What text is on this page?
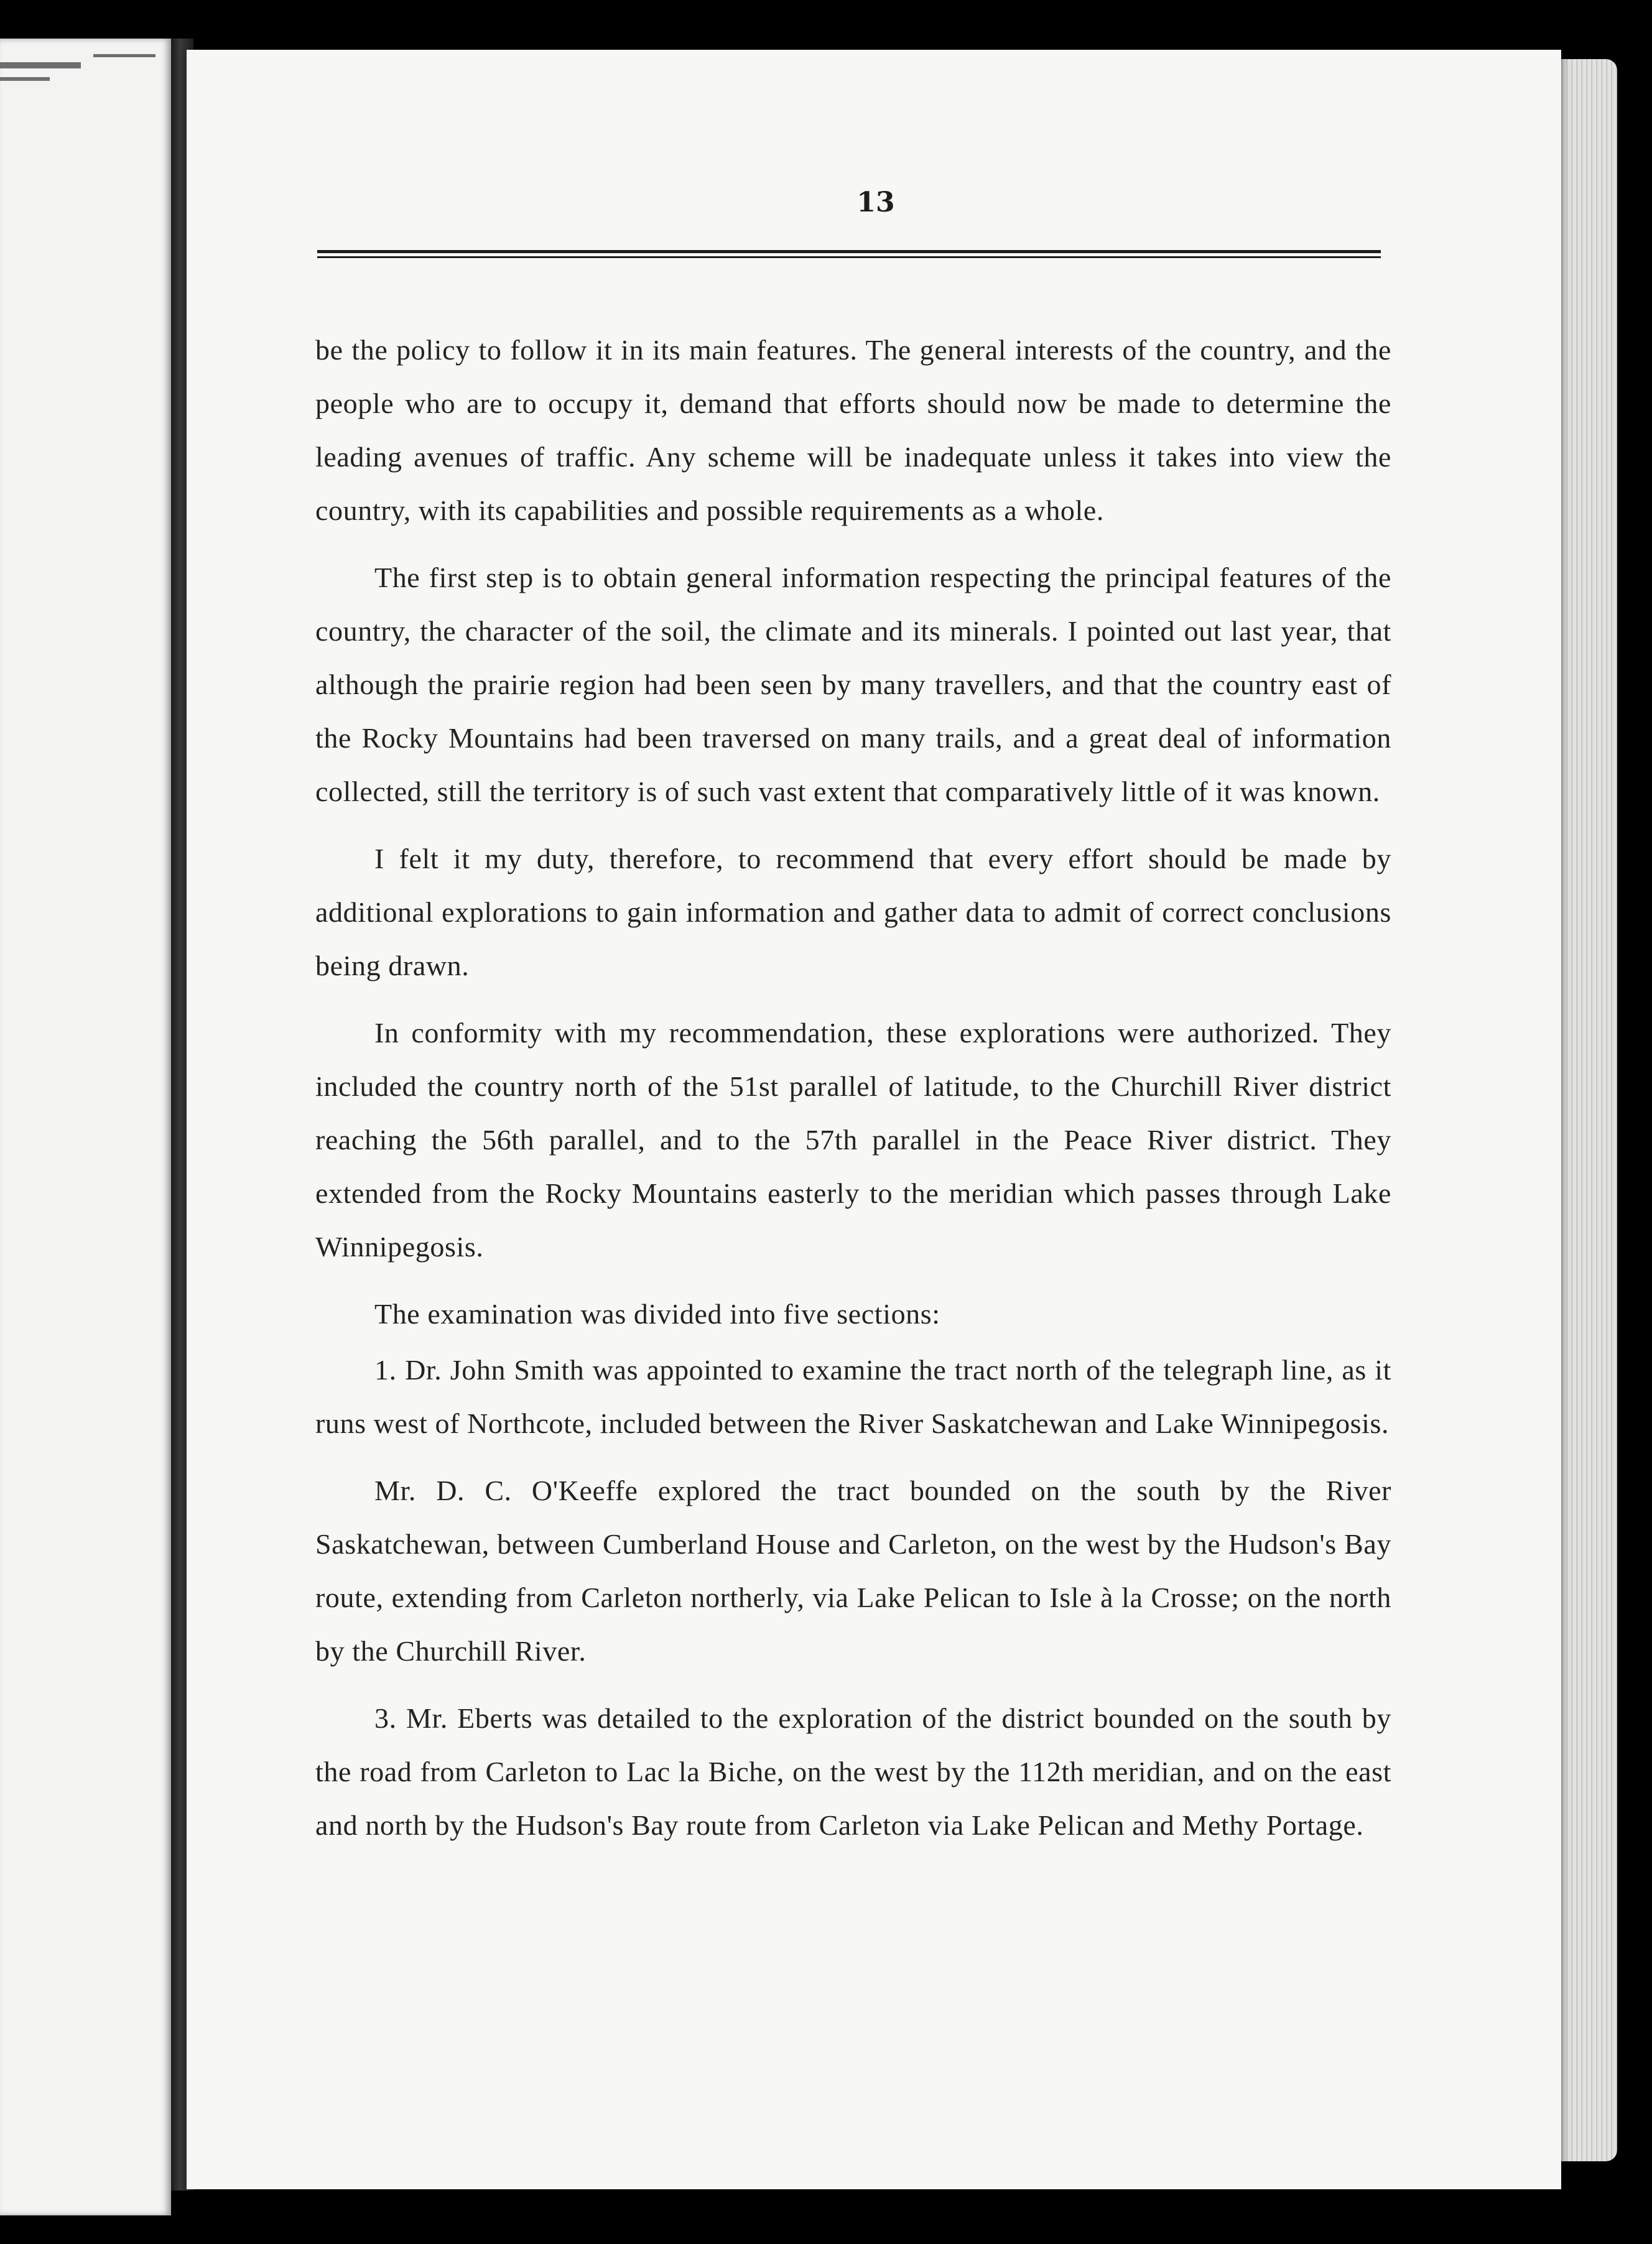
13

be the policy to follow it in its main features. The general interests of the country, and the people who are to occupy it, demand that efforts should now be made to determine the leading avenues of traffic. Any scheme will be inadequate unless it takes into view the country, with its capabilities and possible requirements as a whole.

The first step is to obtain general information respecting the principal features of the country, the character of the soil, the climate and its minerals. I pointed out last year, that although the prairie region had been seen by many travellers, and that the country east of the Rocky Mountains had been traversed on many trails, and a great deal of information collected, still the territory is of such vast extent that comparatively little of it was known.

I felt it my duty, therefore, to recommend that every effort should be made by additional explorations to gain information and gather data to admit of correct conclusions being drawn.

In conformity with my recommendation, these explorations were authorized. They included the country north of the 51st parallel of latitude, to the Churchill River district reaching the 56th parallel, and to the 57th parallel in the Peace River district. They extended from the Rocky Mountains easterly to the meridian which passes through Lake Winnipegosis.

The examination was divided into five sections:

1. Dr. John Smith was appointed to examine the tract north of the telegraph line, as it runs west of Northcote, included between the River Saskatchewan and Lake Winnipegosis.

Mr. D. C. O'Keeffe explored the tract bounded on the south by the River Saskatchewan, between Cumberland House and Carleton, on the west by the Hudson's Bay route, extending from Carleton northerly, via Lake Pelican to Isle à la Crosse; on the north by the Churchill River.

3. Mr. Eberts was detailed to the exploration of the district bounded on the south by the road from Carleton to Lac la Biche, on the west by the 112th meridian, and on the east and north by the Hudson's Bay route from Carleton via Lake Pelican and Methy Portage.
